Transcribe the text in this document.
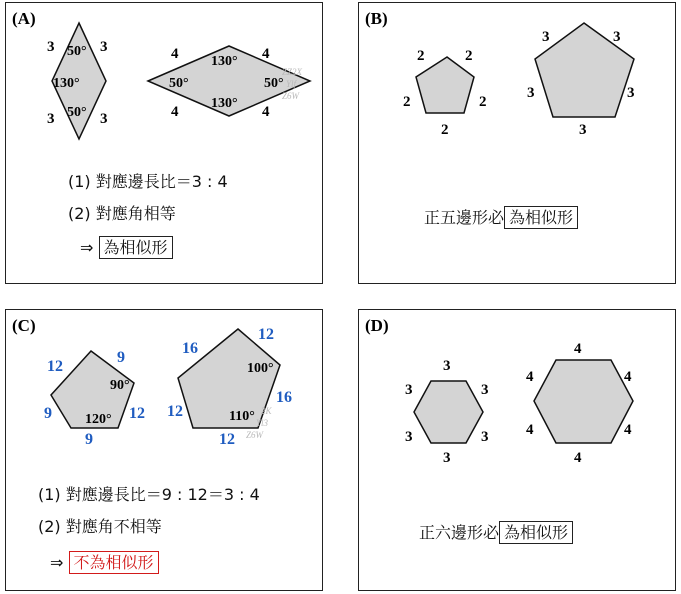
(A)
3	3
3	3
50°
130°
50°
4	4
4	4
130°
50°	50°
130°
ZZ2X
Ylf
Z6W
(1) 對應邊長比＝3 : 4
(2) 對應角相等
⇒ 為相似形
(B)
2	2
2
2
2
3	3
3
3
3
正五邊形必 為相似形
(C)
12
9
9	12
9
90°
120°
16
12
16
12
12
100°
110° 2K
Yl3
Z6W
(1) 對應邊長比＝9 : 12＝3 : 4
(2) 對應角不相等
⇒ 不為相似形
(D)
3
3
3
3
3
3
4
4
4
4
4
4
正六邊形必 為相似形
